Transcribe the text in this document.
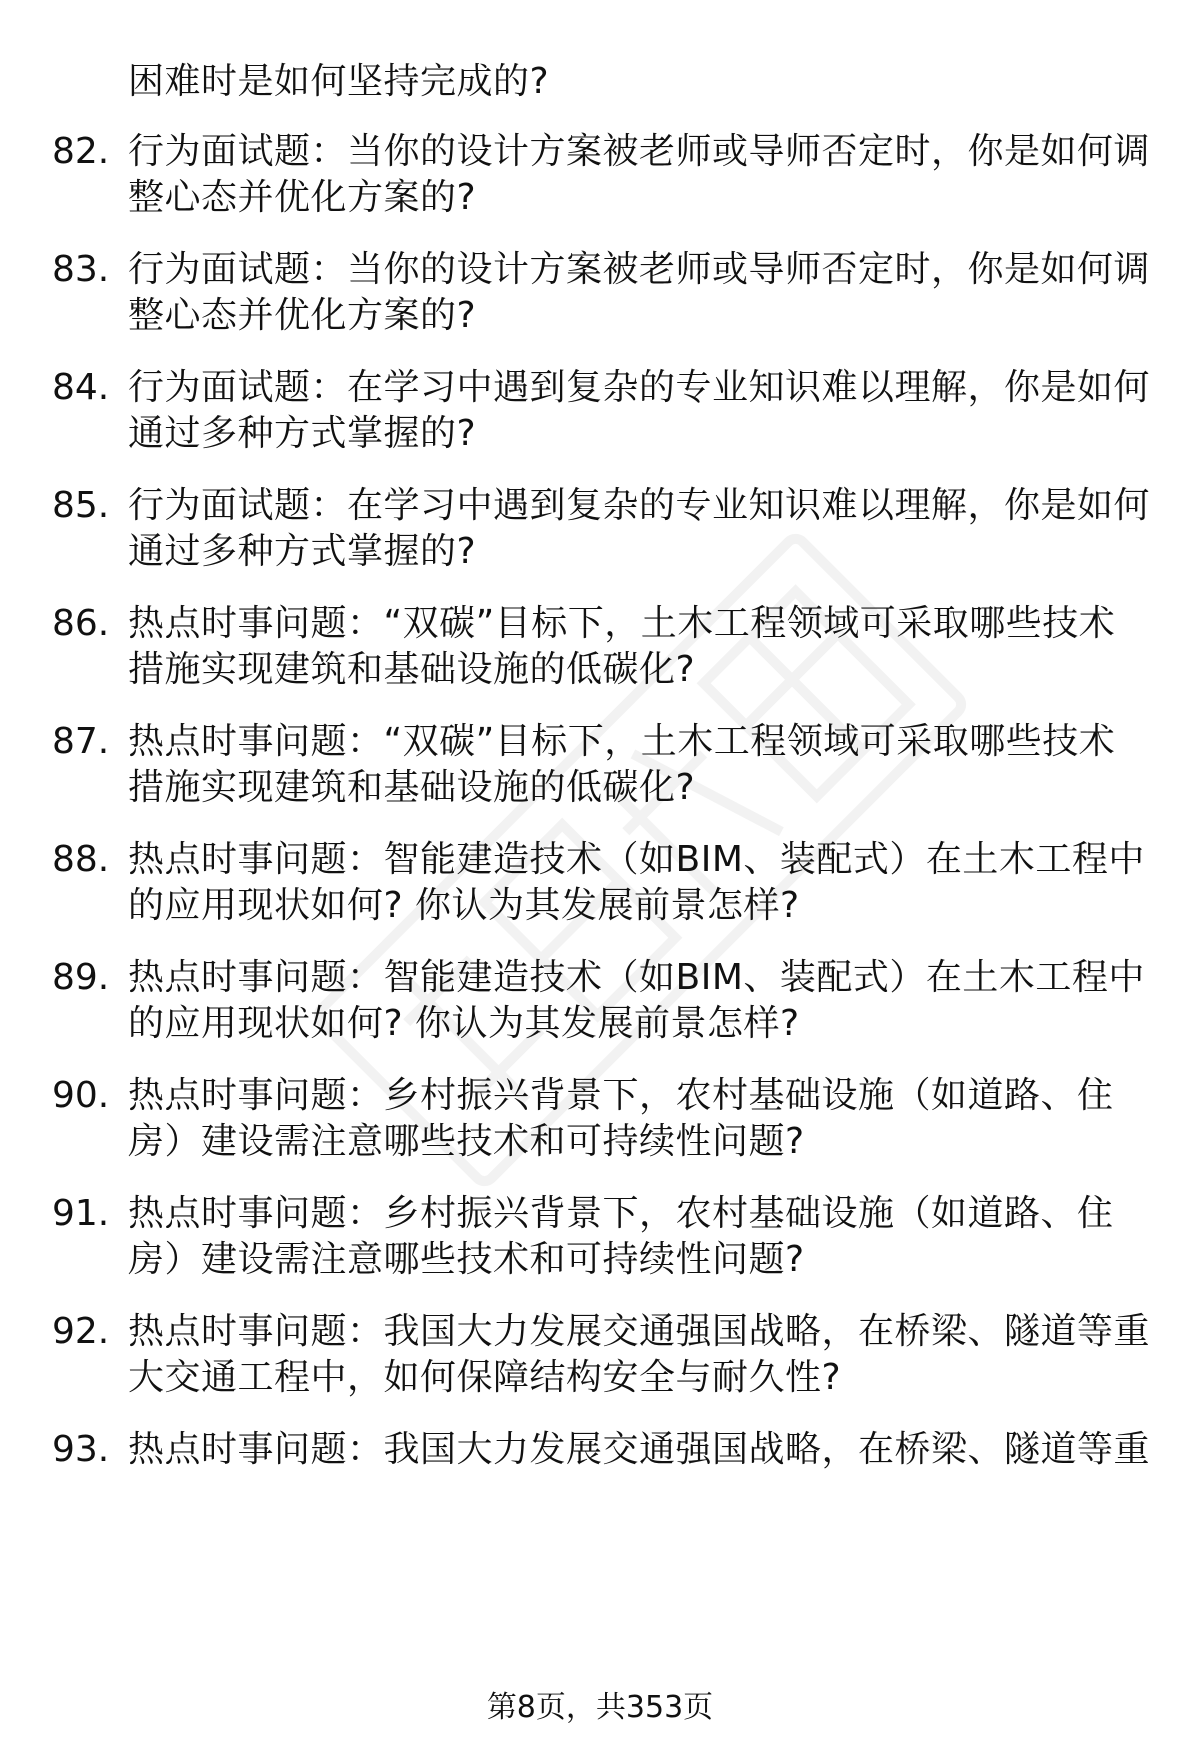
困难时是如何坚持完成的?
82. 行为面试题：当你的设计方案被老师或导师否定时，你是如何调
整心态并优化方案的?
83. 行为面试题：当你的设计方案被老师或导师否定时，你是如何调
整心态并优化方案的?
84. 行为面试题：在学习中遇到复杂的专业知识难以理解，你是如何
通过多种方式掌握的?
85. 行为面试题：在学习中遇到复杂的专业知识难以理解，你是如何
通过多种方式掌握的?
86. 热点时事问题：“双碳”目标下，土木工程领域可采取哪些技术
措施实现建筑和基础设施的低碳化?
87. 热点时事问题：“双碳”目标下，土木工程领域可采取哪些技术
措施实现建筑和基础设施的低碳化?
88. 热点时事问题：智能建造技术（如BIM、装配式）在土木工程中
的应用现状如何? 你认为其发展前景怎样?
89. 热点时事问题：智能建造技术（如BIM、装配式）在土木工程中
的应用现状如何? 你认为其发展前景怎样?
90. 热点时事问题：乡村振兴背景下，农村基础设施（如道路、住
房）建设需注意哪些技术和可持续性问题?
91. 热点时事问题：乡村振兴背景下，农村基础设施（如道路、住
房）建设需注意哪些技术和可持续性问题?
92. 热点时事问题：我国大力发展交通强国战略，在桥梁、隧道等重
大交通工程中，如何保障结构安全与耐久性?
93. 热点时事问题：我国大力发展交通强国战略，在桥梁、隧道等重
第8页，共353页
